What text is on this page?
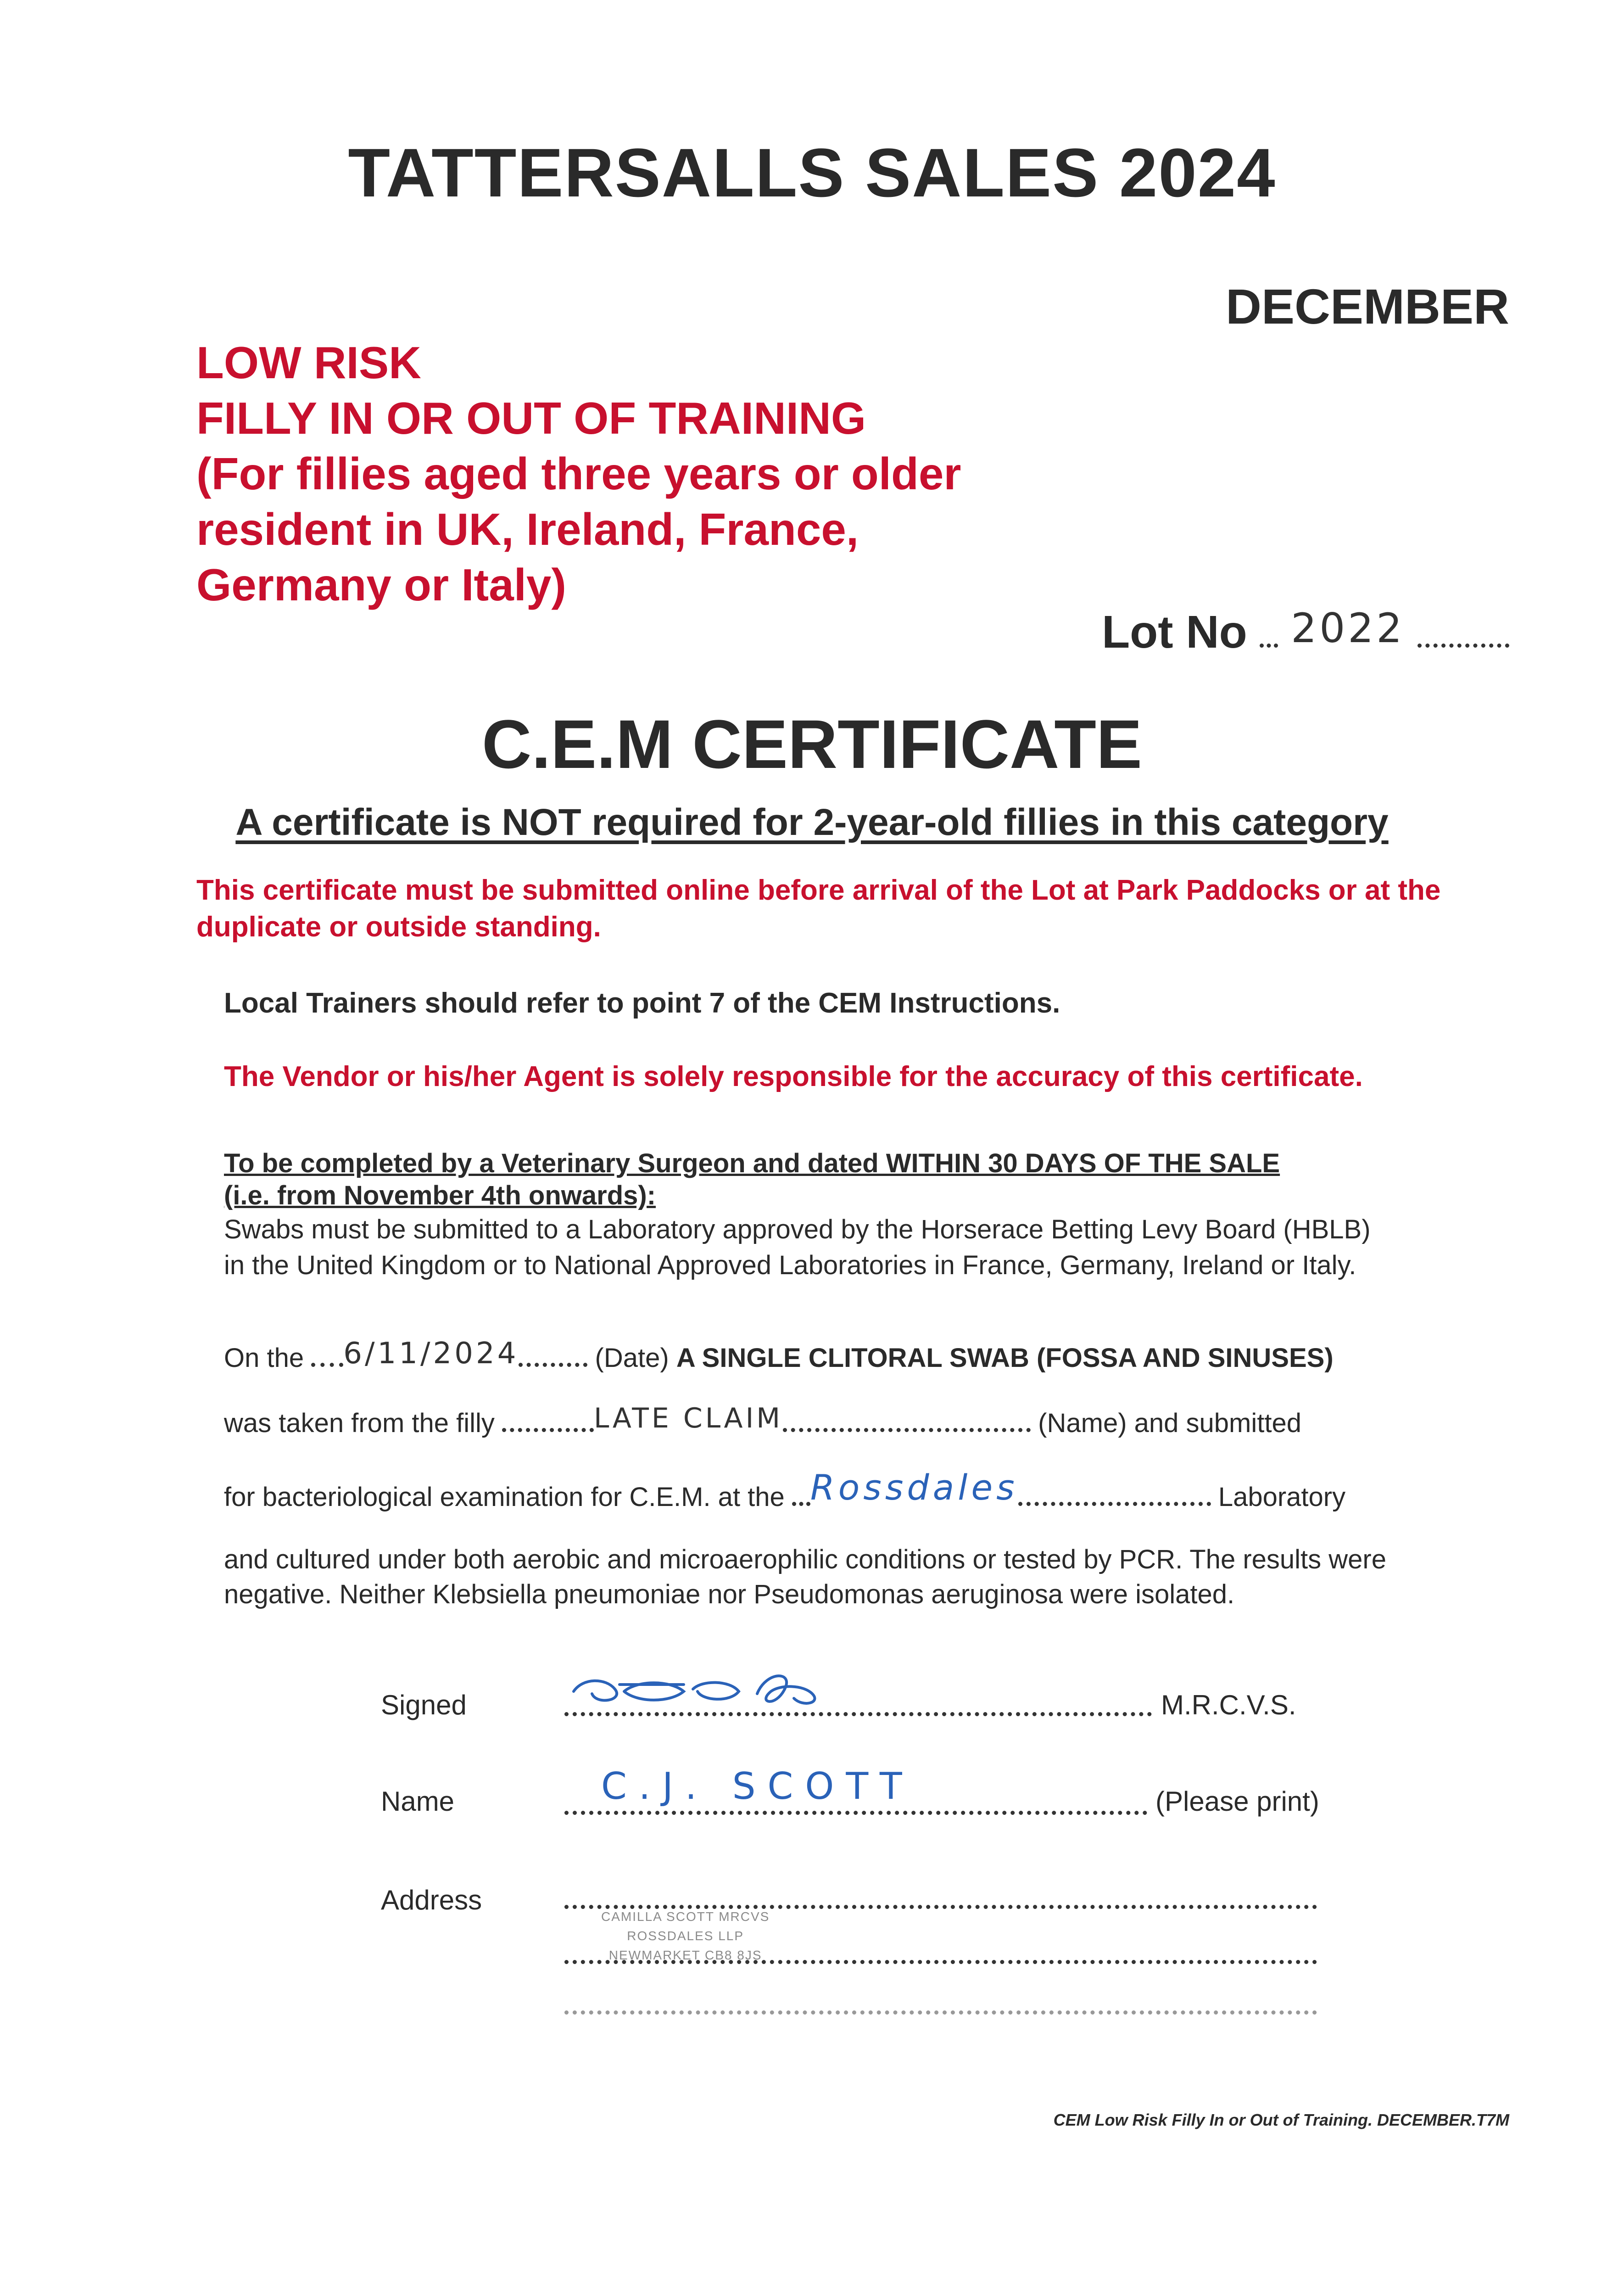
TATTERSALLS SALES 2024
DECEMBER
LOW RISK
FILLY IN OR OUT OF TRAINING
(For fillies aged three years or older
resident in UK, Ireland, France,
Germany or Italy)
Lot No 2022
C.E.M CERTIFICATE
A certificate is NOT required for 2-year-old fillies in this category
This certificate must be submitted online before arrival of the Lot at Park Paddocks or at the duplicate or outside standing.
Local Trainers should refer to point 7 of the CEM Instructions.
The Vendor or his/her Agent is solely responsible for the accuracy of this certificate.
To be completed by a Veterinary Surgeon and dated WITHIN 30 DAYS OF THE SALE
(i.e. from November 4th onwards):
Swabs must be submitted to a Laboratory approved by the Horserace Betting Levy Board (HBLB)
in the United Kingdom or to National Approved Laboratories in France, Germany, Ireland or Italy.
On the 6/11/2024	(Date) A SINGLE CLITORAL SWAB (FOSSA AND SINUSES)
was taken from the filly	LATE CLAIM	(Name) and submitted
for bacteriological examination for C.E.M. at the Rossdales	Laboratory
and cultured under both aerobic and microaerophilic conditions or tested by PCR. The results were
negative. Neither Klebsiella pneumoniae nor Pseudomonas aeruginosa were isolated.
Signed	M.R.C.V.S.
Name	C.J. SCOTT	(Please print)
Address
CAMILLA SCOTT MRCVS
ROSSDALES LLP
NEWMARKET CB8 8JS
CEM Low Risk Filly In or Out of Training. DECEMBER.T7M
